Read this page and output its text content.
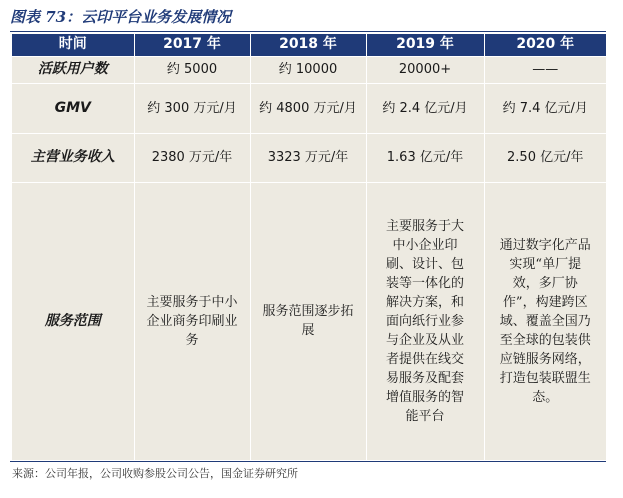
图表 73：云印平台业务发展情况
时间	2017 年	2018 年	2019 年	2020 年
活跃用户数	约 5000	约 10000	20000+	——
GMV	约 300 万元/月	约 4800 万元/月	约 2.4 亿元/月	约 7.4 亿元/月
主营业务收入	2380 万元/年	3323 万元/年	1.63 亿元/年	2.50 亿元/年
服务范围	主要服务于中小企业商务印刷业务	服务范围逐步拓展	主要服务于大中小企业印刷、设计、包装等一体化的解决方案，和面向纸行业参与企业及从业者提供在线交易服务及配套增值服务的智能平台	通过数字化产品实现“单厂提效，多厂协作”，构建跨区域、覆盖全国乃至全球的包装供应链服务网络，打造包装联盟生态。
来源：公司年报，公司收购参股公司公告，国金证券研究所
